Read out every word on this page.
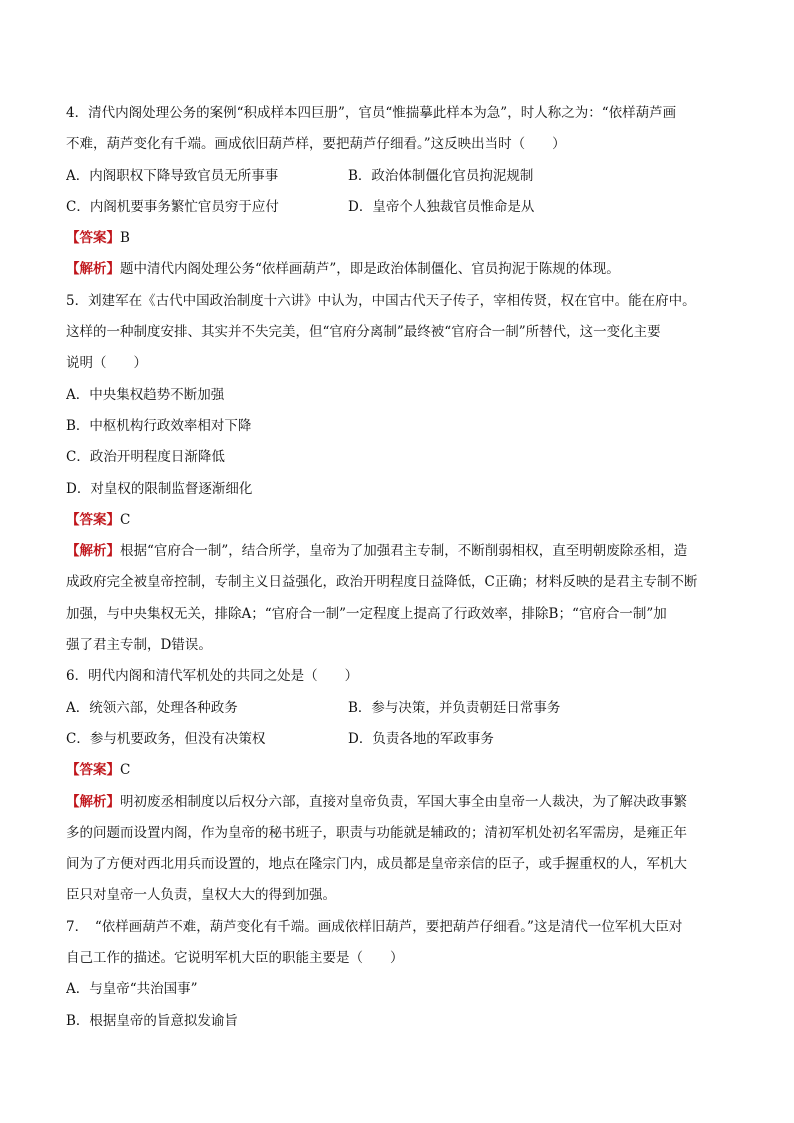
4．清代内阁处理公务的案例“积成样本四巨册”，官员“惟揣摹此样本为急”，时人称之为：“依样葫芦画
不难，葫芦变化有千端。画成依旧葫芦样，要把葫芦仔细看。”这反映出当时（　　）
A．内阁职权下降导致官员无所事事	B．政治体制僵化官员拘泥规制
C．内阁机要事务繁忙官员穷于应付	D．皇帝个人独裁官员惟命是从
【答案】B
【解析】题中清代内阁处理公务“依样画葫芦”，即是政治体制僵化、官员拘泥于陈规的体现。
5．刘建军在《古代中国政治制度十六讲》中认为，中国古代天子传子，宰相传贤，权在官中。能在府中。
这样的一种制度安排、其实并不失完美，但“官府分离制”最终被“官府合一制”所替代，这一变化主要
说明（　　）
A．中央集权趋势不断加强
B．中枢机构行政效率相对下降
C．政治开明程度日渐降低
D．对皇权的限制监督逐渐细化
【答案】C
【解析】根据“官府合一制”，结合所学，皇帝为了加强君主专制，不断削弱相权，直至明朝废除丞相，造
成政府完全被皇帝控制，专制主义日益强化，政治开明程度日益降低，C正确；材料反映的是君主专制不断
加强，与中央集权无关，排除A；“官府合一制”一定程度上提高了行政效率，排除B；“官府合一制”加
强了君主专制，D错误。
6．明代内阁和清代军机处的共同之处是（　　）
A．统领六部，处理各种政务	B．参与决策，并负责朝廷日常事务
C．参与机要政务，但没有决策权	D．负责各地的军政事务
【答案】C
【解析】明初废丞相制度以后权分六部，直接对皇帝负责，军国大事全由皇帝一人裁决，为了解决政事繁
多的问题而设置内阁，作为皇帝的秘书班子，职责与功能就是辅政的；清初军机处初名军需房，是雍正年
间为了方便对西北用兵而设置的，地点在隆宗门内，成员都是皇帝亲信的臣子，或手握重权的人，军机大
臣只对皇帝一人负责，皇权大大的得到加强。
7．　“依样画葫芦不难，葫芦变化有千端。画成依样旧葫芦，要把葫芦仔细看。”这是清代一位军机大臣对
自己工作的描述。它说明军机大臣的职能主要是（　　）
A．与皇帝“共治国事”
B．根据皇帝的旨意拟发谕旨
